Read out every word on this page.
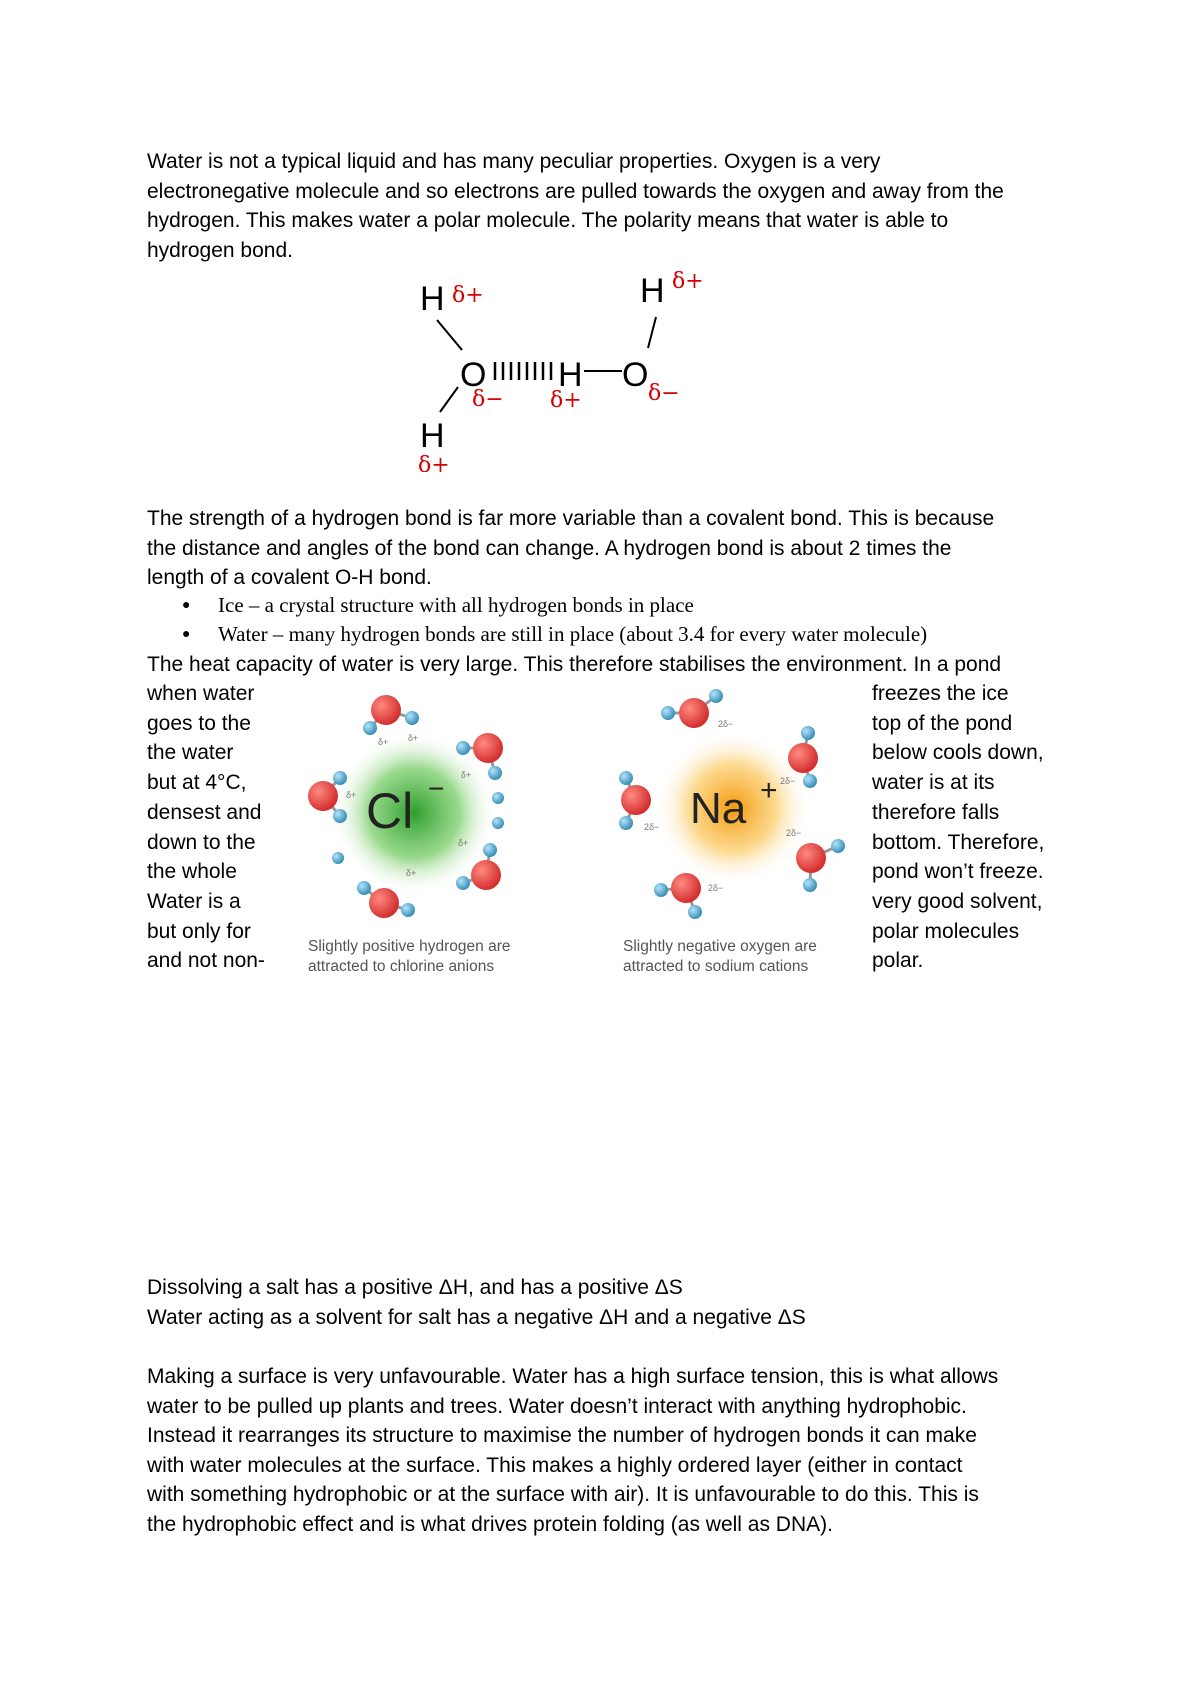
Water is not a typical liquid and has many peculiar properties. Oxygen is a very
electronegative molecule and so electrons are pulled towards the oxygen and away from the
hydrogen. This makes water a polar molecule. The polarity means that water is able to
hydrogen bond.
H δ+
O
δ−
H
δ+
H
δ+
O δ−
H δ+
The strength of a hydrogen bond is far more variable than a covalent bond. This is because
the distance and angles of the bond can change. A hydrogen bond is about 2 times the
length of a covalent O-H bond.
● Ice – a crystal structure with all hydrogen bonds in place
● Water – many hydrogen bonds are still in place (about 3.4 for every water molecule)
The heat capacity of water is very large. This therefore stabilises the environment. In a pond
when water
goes to the
the water
but at 4°C,
densest and
down to the
the whole
Water is a
but only for
and not non-
freezes the ice
top of the pond
below cools down,
water is at its
therefore falls
bottom. Therefore,
pond won’t freeze.
very good solvent,
polar molecules
polar.
Cl −
δ+ δ+
δ+
δ+
δ+
δ+
Slightly positive hydrogen are
attracted to chlorine anions
Na +
2δ−
2δ−
2δ−
2δ−
2δ−
Slightly negative oxygen are
attracted to sodium cations
Dissolving a salt has a positive ΔH, and has a positive ΔS
Water acting as a solvent for salt has a negative ΔH and a negative ΔS
Making a surface is very unfavourable. Water has a high surface tension, this is what allows
water to be pulled up plants and trees. Water doesn’t interact with anything hydrophobic.
Instead it rearranges its structure to maximise the number of hydrogen bonds it can make
with water molecules at the surface. This makes a highly ordered layer (either in contact
with something hydrophobic or at the surface with air). It is unfavourable to do this. This is
the hydrophobic effect and is what drives protein folding (as well as DNA).
